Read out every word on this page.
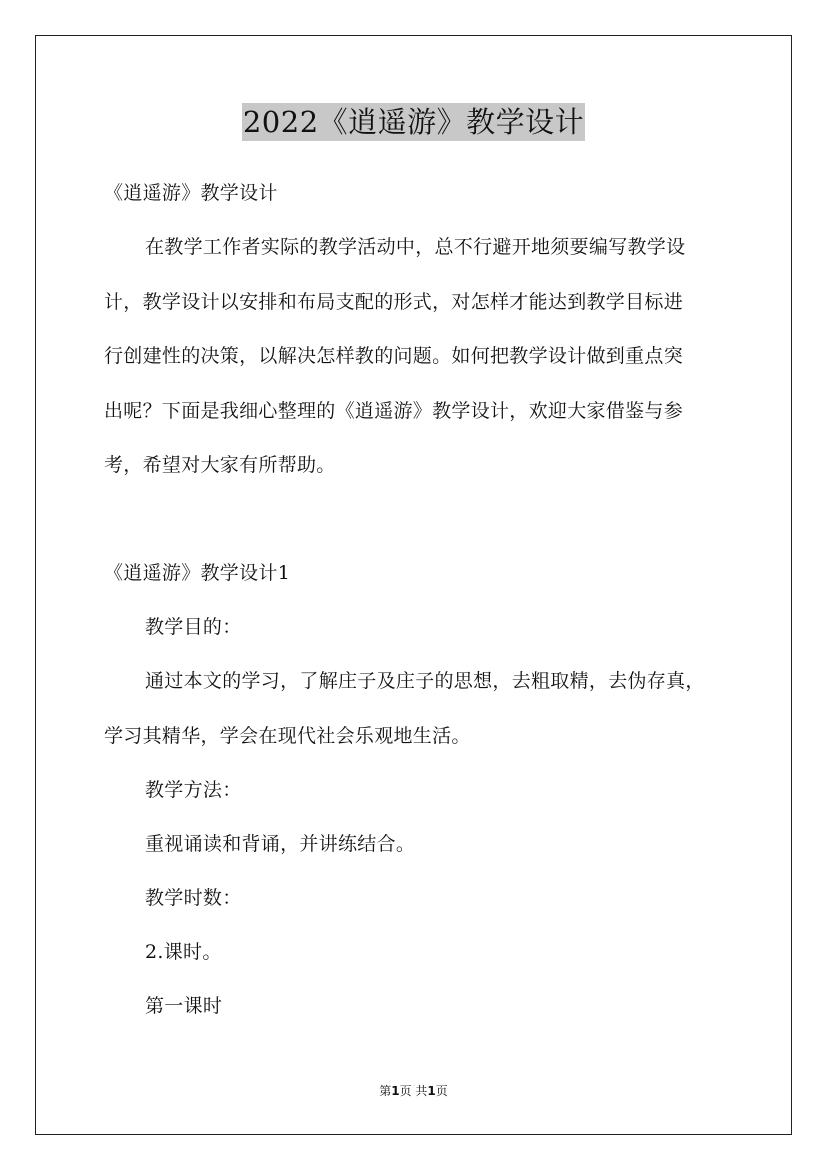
2022《逍遥游》教学设计
《逍遥游》教学设计
在教学工作者实际的教学活动中，总不行避开地须要编写教学设
计，教学设计以安排和布局支配的形式，对怎样才能达到教学目标进
行创建性的决策，以解决怎样教的问题。如何把教学设计做到重点突
出呢？下面是我细心整理的《逍遥游》教学设计，欢迎大家借鉴与参
考，希望对大家有所帮助。
《逍遥游》教学设计1
教学目的：
通过本文的学习，了解庄子及庄子的思想，去粗取精，去伪存真，
学习其精华，学会在现代社会乐观地生活。
教学方法：
重视诵读和背诵，并讲练结合。
教学时数：
2.课时。
第一课时
第1页 共1页
